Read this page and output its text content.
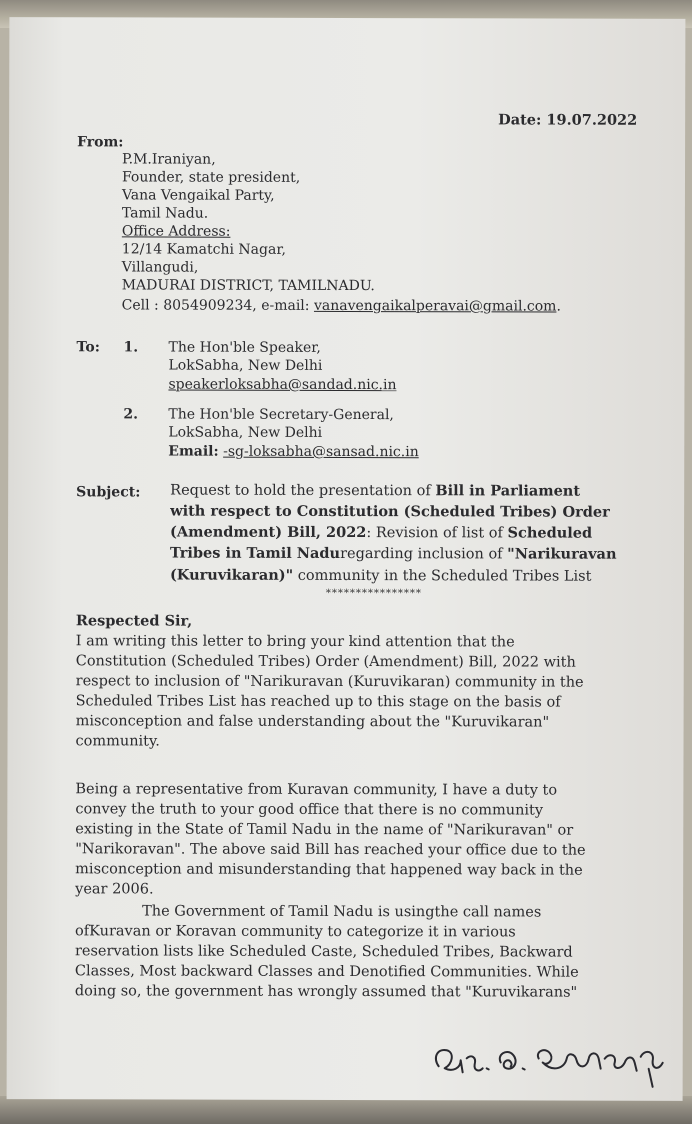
Date: 19.07.2022
From:
P.M.Iraniyan,
Founder, state president,
Vana Vengaikal Party,
Tamil Nadu.
Office Address:
12/14 Kamatchi Nagar,
Villangudi,
MADURAI DISTRICT, TAMILNADU.
Cell : 8054909234, e-mail: vanavengaikalperavai@gmail.com.
To: 1. The Hon'ble Speaker,
LokSabha, New Delhi
speakerloksabha@sandad.nic.in
2. The Hon'ble Secretary-General,
LokSabha, New Delhi
Email: -sg-loksabha@sansad.nic.in
Subject: Request to hold the presentation of Bill in Parliament
with respect to Constitution (Scheduled Tribes) Order
(Amendment) Bill, 2022: Revision of list of Scheduled
Tribes in Tamil Naduregarding inclusion of "Narikuravan
(Kuruvikaran)" community in the Scheduled Tribes List
****************
Respected Sir,
I am writing this letter to bring your kind attention that the
Constitution (Scheduled Tribes) Order (Amendment) Bill, 2022 with
respect to inclusion of "Narikuravan (Kuruvikaran) community in the
Scheduled Tribes List has reached up to this stage on the basis of
misconception and false understanding about the "Kuruvikaran"
community.
Being a representative from Kuravan community, I have a duty to
convey the truth to your good office that there is no community
existing in the State of Tamil Nadu in the name of "Narikuravan" or
"Narikoravan". The above said Bill has reached your office due to the
misconception and misunderstanding that happened way back in the
year 2006.
The Government of Tamil Nadu is usingthe call names
ofKuravan or Koravan community to categorize it in various
reservation lists like Scheduled Caste, Scheduled Tribes, Backward
Classes, Most backward Classes and Denotified Communities. While
doing so, the government has wrongly assumed that "Kuruvikarans"
